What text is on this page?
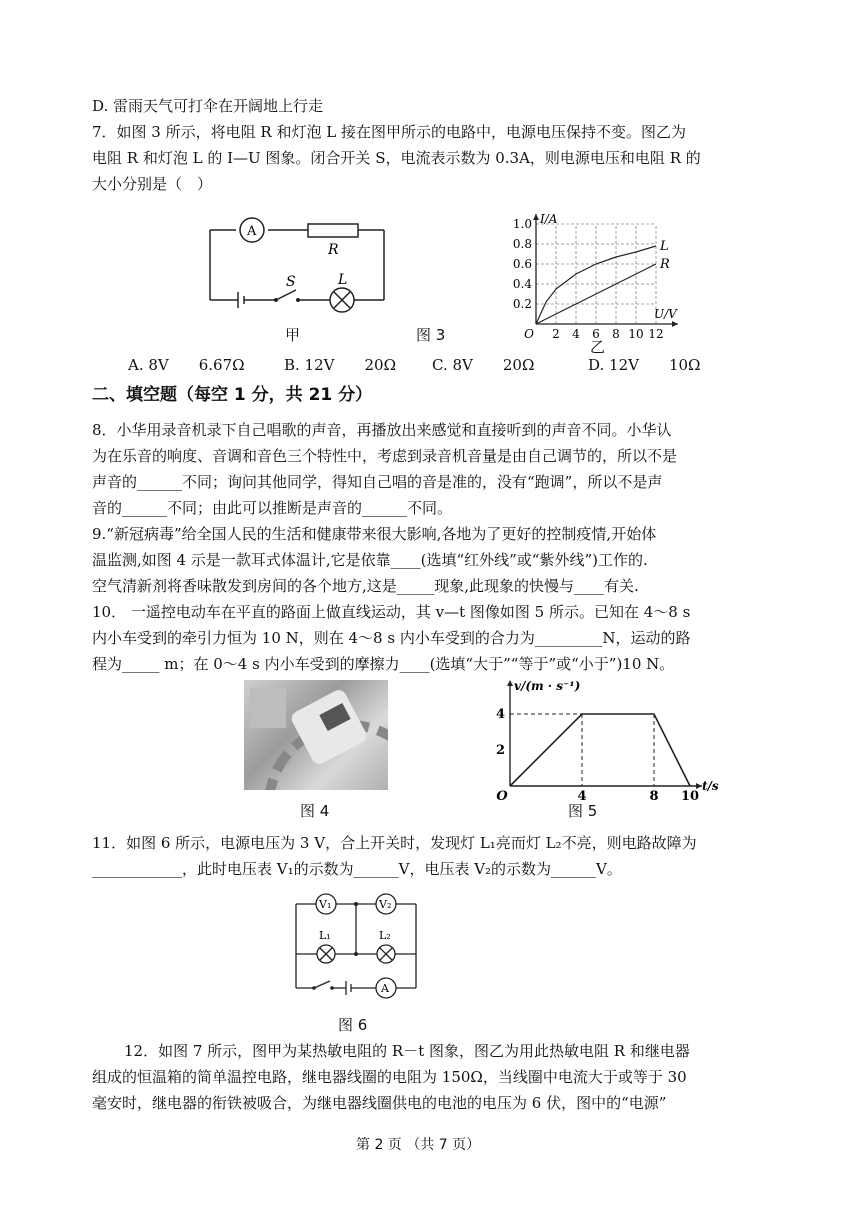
D. 雷雨天气可打伞在开阔地上行走
7．如图 3 所示，将电阻 R 和灯泡 L 接在图甲所示的电路中，电源电压保持不变。图乙为
电阻 R 和灯泡 L 的 I—U 图象。闭合开关 S，电流表示数为 0.3A，则电源电压和电阻 R 的
大小分别是（　）
A
R
S	L
甲	图 3
L
R
2 4 6 8 10 12
0.2
0.4
0.6
0.8
1.0
O
I/A
U/V
乙
A. 8V　　6.67Ω	B. 12V　　20Ω C. 8V　　20Ω	D. 12V　　10Ω
二、填空题（每空 1 分，共 21 分）
8．小华用录音机录下自己唱歌的声音，再播放出来感觉和直接听到的声音不同。小华认
为在乐音的响度、音调和音色三个特性中，考虑到录音机音量是由自己调节的，所以不是
声音的______不同；询问其他同学，得知自己唱的音是准的，没有“跑调”，所以不是声
音的______不同；由此可以推断是声音的______不同。
9.“新冠病毒”给全国人民的生活和健康带来很大影响,各地为了更好的控制疫情,开始体
温监测,如图 4 示是一款耳式体温计,它是依靠____(选填“红外线”或“紫外线”)工作的.
空气清新剂将香味散发到房间的各个地方,这是_____现象,此现象的快慢与____有关.
10． 一遥控电动车在平直的路面上做直线运动，其 v—t 图像如图 5 所示。已知在 4～8 s
内小车受到的牵引力恒为 10 N，则在 4～8 s 内小车受到的合力为_________N，运动的路
程为_____ m；在 0～4 s 内小车受到的摩擦力____(选填“大于”“等于”或“小于”)10 N。
图 4
4	8 10
2
4
O
v/(m · s⁻¹)
t/s
图 5
11．如图 6 所示，电源电压为 3 V，合上开关时，发现灯 L₁亮而灯 L₂不亮，则电路故障为
____________，此时电压表 V₁的示数为______V，电压表 V₂的示数为______V。
V₁	V₂
L₁	L₂
A
图 6
12．如图 7 所示，图甲为某热敏电阻的 R－t 图象，图乙为用此热敏电阻 R 和继电器
组成的恒温箱的简单温控电路，继电器线圈的电阻为 150Ω，当线圈中电流大于或等于 30
毫安时，继电器的衔铁被吸合，为继电器线圈供电的电池的电压为 6 伏，图中的“电源”
第 2 页 （共 7 页）
